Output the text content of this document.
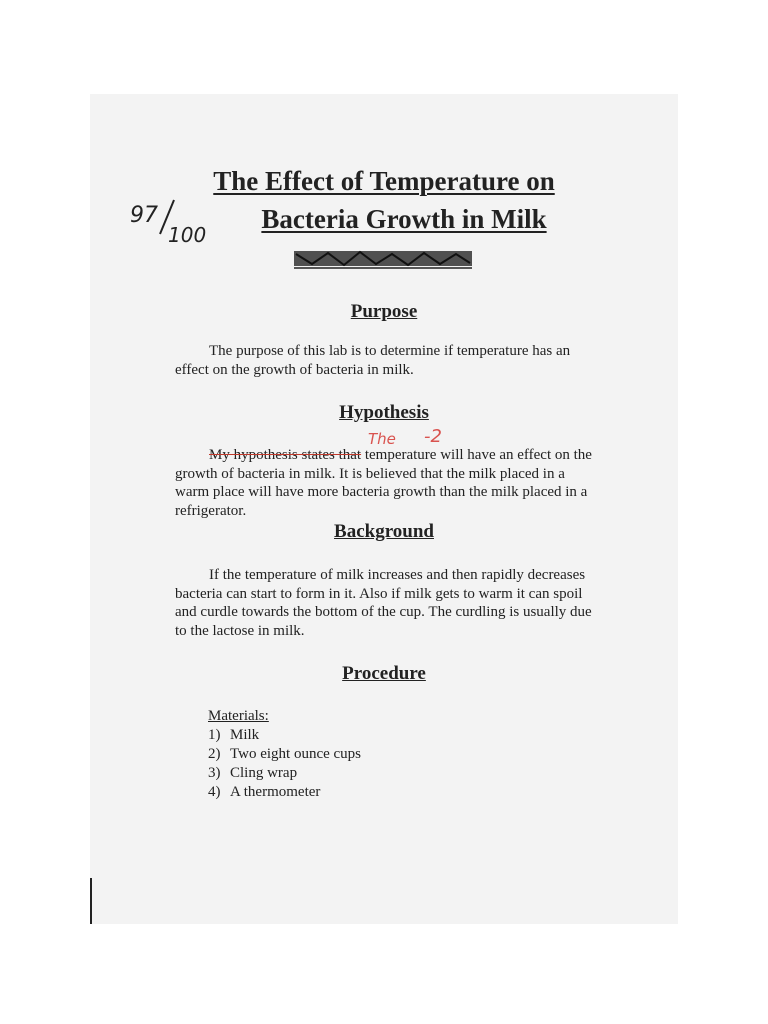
The Effect of Temperature on
Bacteria Growth in Milk
97
100
Purpose
The purpose of this lab is to determine if temperature has an effect on the growth of bacteria in milk.
Hypothesis
The -2
My hypothesis states that temperature will have an effect on the growth of bacteria in milk. It is believed that the milk placed in a warm place will have more bacteria growth than the milk placed in a refrigerator.
Background
If the temperature of milk increases and then rapidly decreases bacteria can start to form in it. Also if milk gets to warm it can spoil and curdle towards the bottom of the cup. The curdling is usually due to the lactose in milk.
Procedure
Materials:
1) Milk
2) Two eight ounce cups
3) Cling wrap
4) A thermometer
